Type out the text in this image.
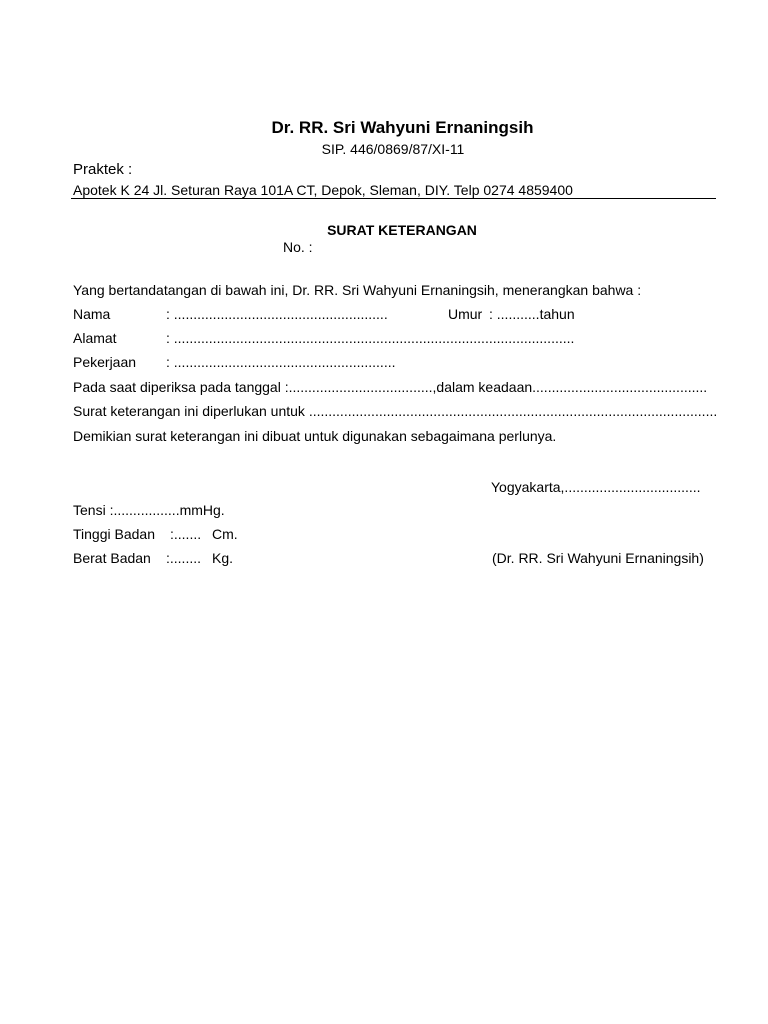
Dr. RR. Sri Wahyuni Ernaningsih
SIP. 446/0869/87/XI-11
Praktek :
Apotek K 24 Jl. Seturan Raya 101A CT, Depok, Sleman, DIY. Telp 0274 4859400
SURAT KETERANGAN
No. :
Yang bertandatangan di bawah ini, Dr. RR. Sri Wahyuni Ernaningsih, menerangkan bahwa :
Nama	: .......................................................	Umur : ...........tahun
Alamat	: .......................................................................................................
Pekerjaan : .........................................................
Pada saat diperiksa pada tanggal :.....................................,dalam keadaan.............................................
Surat keterangan ini diperlukan untuk .........................................................................................................
Demikian surat keterangan ini dibuat untuk digunakan sebagaimana perlunya.
Yogyakarta,...................................
Tensi :.................mmHg.
Tinggi Badan :....... Cm.
Berat Badan :........ Kg.	(Dr. RR. Sri Wahyuni Ernaningsih)
